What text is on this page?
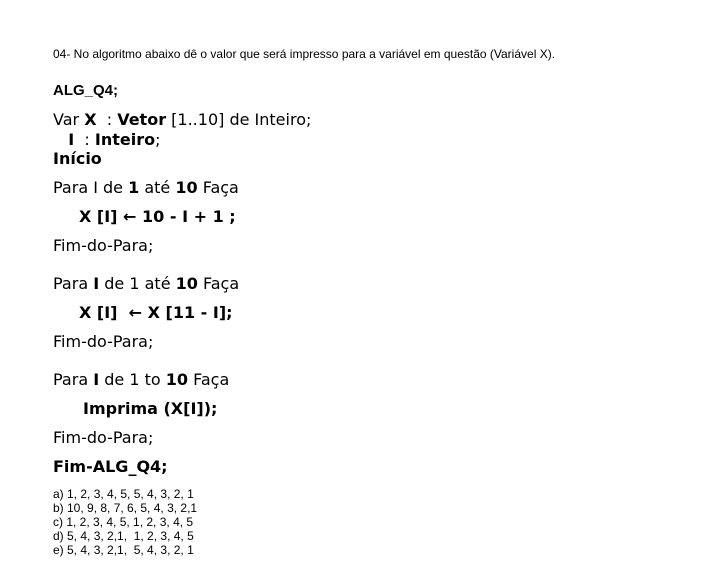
04- No algoritmo abaixo dê o valor que será impresso para a variável em questão (Variável X).
ALG_Q4;
Var X : Vetor [1..10] de Inteiro;
I : Inteiro;
Início
Para I de 1 até 10 Faça
X [I] ← 10 - I + 1 ;
Fim-do-Para;
Para I de 1 até 10 Faça
X [I]  ← X [11 - I];
Fim-do-Para;
Para I de 1 to 10 Faça
Imprima (X[I]);
Fim-do-Para;
Fim-ALG_Q4;
a) 1, 2, 3, 4, 5, 5, 4, 3, 2, 1
b) 10, 9, 8, 7, 6, 5, 4, 3, 2,1
c) 1, 2, 3, 4, 5, 1, 2, 3, 4, 5
d) 5, 4, 3, 2,1,  1, 2, 3, 4, 5
e) 5, 4, 3, 2,1,  5, 4, 3, 2, 1
